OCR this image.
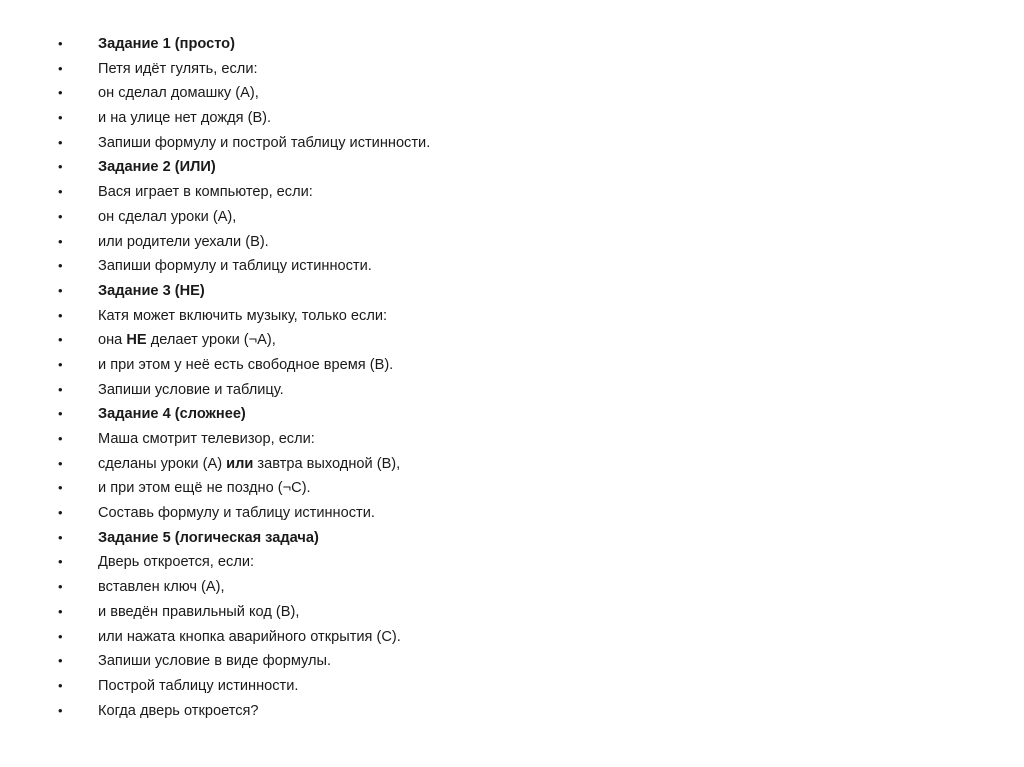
•	Задание 1 (просто)
•	Петя идёт гулять, если:
•	он сделал домашку (A),
•	и на улице нет дождя (B).
•	Запиши формулу и построй таблицу истинности.
•	Задание 2 (ИЛИ)
•	Вася играет в компьютер, если:
•	он сделал уроки (A),
•	или родители уехали (B).
•	Запиши формулу и таблицу истинности.
•	Задание 3 (НЕ)
•	Катя может включить музыку, только если:
•	она НЕ делает уроки (¬A),
•	и при этом у неё есть свободное время (B).
•	Запиши условие и таблицу.
•	Задание 4 (сложнее)
•	Маша смотрит телевизор, если:
•	сделаны уроки (A) или завтра выходной (B),
•	и при этом ещё не поздно (¬C).
•	Составь формулу и таблицу истинности.
•	Задание 5 (логическая задача)
•	Дверь откроется, если:
•	вставлен ключ (A),
•	и введён правильный код (B),
•	или нажата кнопка аварийного открытия (C).
•	Запиши условие в виде формулы.
•	Построй таблицу истинности.
•	Когда дверь откроется?
